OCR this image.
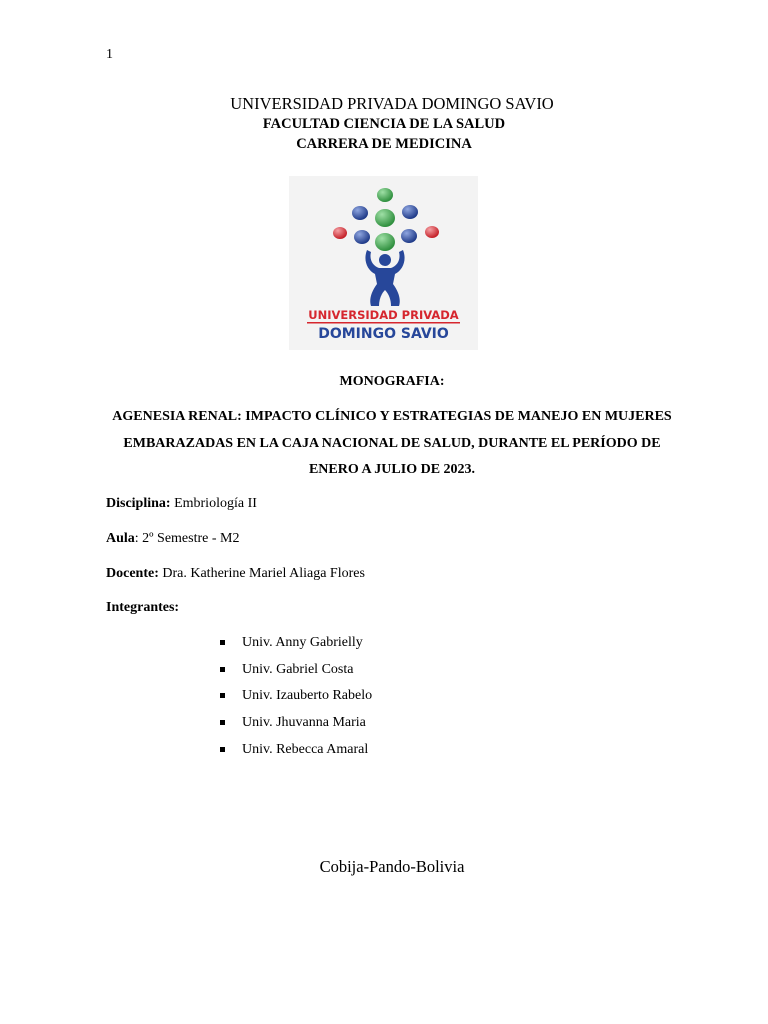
1
UNIVERSIDAD PRIVADA DOMINGO SAVIO
FACULTAD CIENCIA DE LA SALUD
CARRERA DE MEDICINA
UNIVERSIDAD PRIVADA
DOMINGO SAVIO
MONOGRAFIA:
AGENESIA RENAL: IMPACTO CLÍNICO Y ESTRATEGIAS DE MANEJO EN MUJERES EMBARAZADAS EN LA CAJA NACIONAL DE SALUD, DURANTE EL PERÍODO DE ENERO A JULIO DE 2023.
Disciplina: Embriología II
Aula: 2º Semestre - M2
Docente: Dra. Katherine Mariel Aliaga Flores
Integrantes:
Univ. Anny Gabrielly
Univ. Gabriel Costa
Univ. Izauberto Rabelo
Univ. Jhuvanna Maria
Univ. Rebecca Amaral
Cobija-Pando-Bolivia
